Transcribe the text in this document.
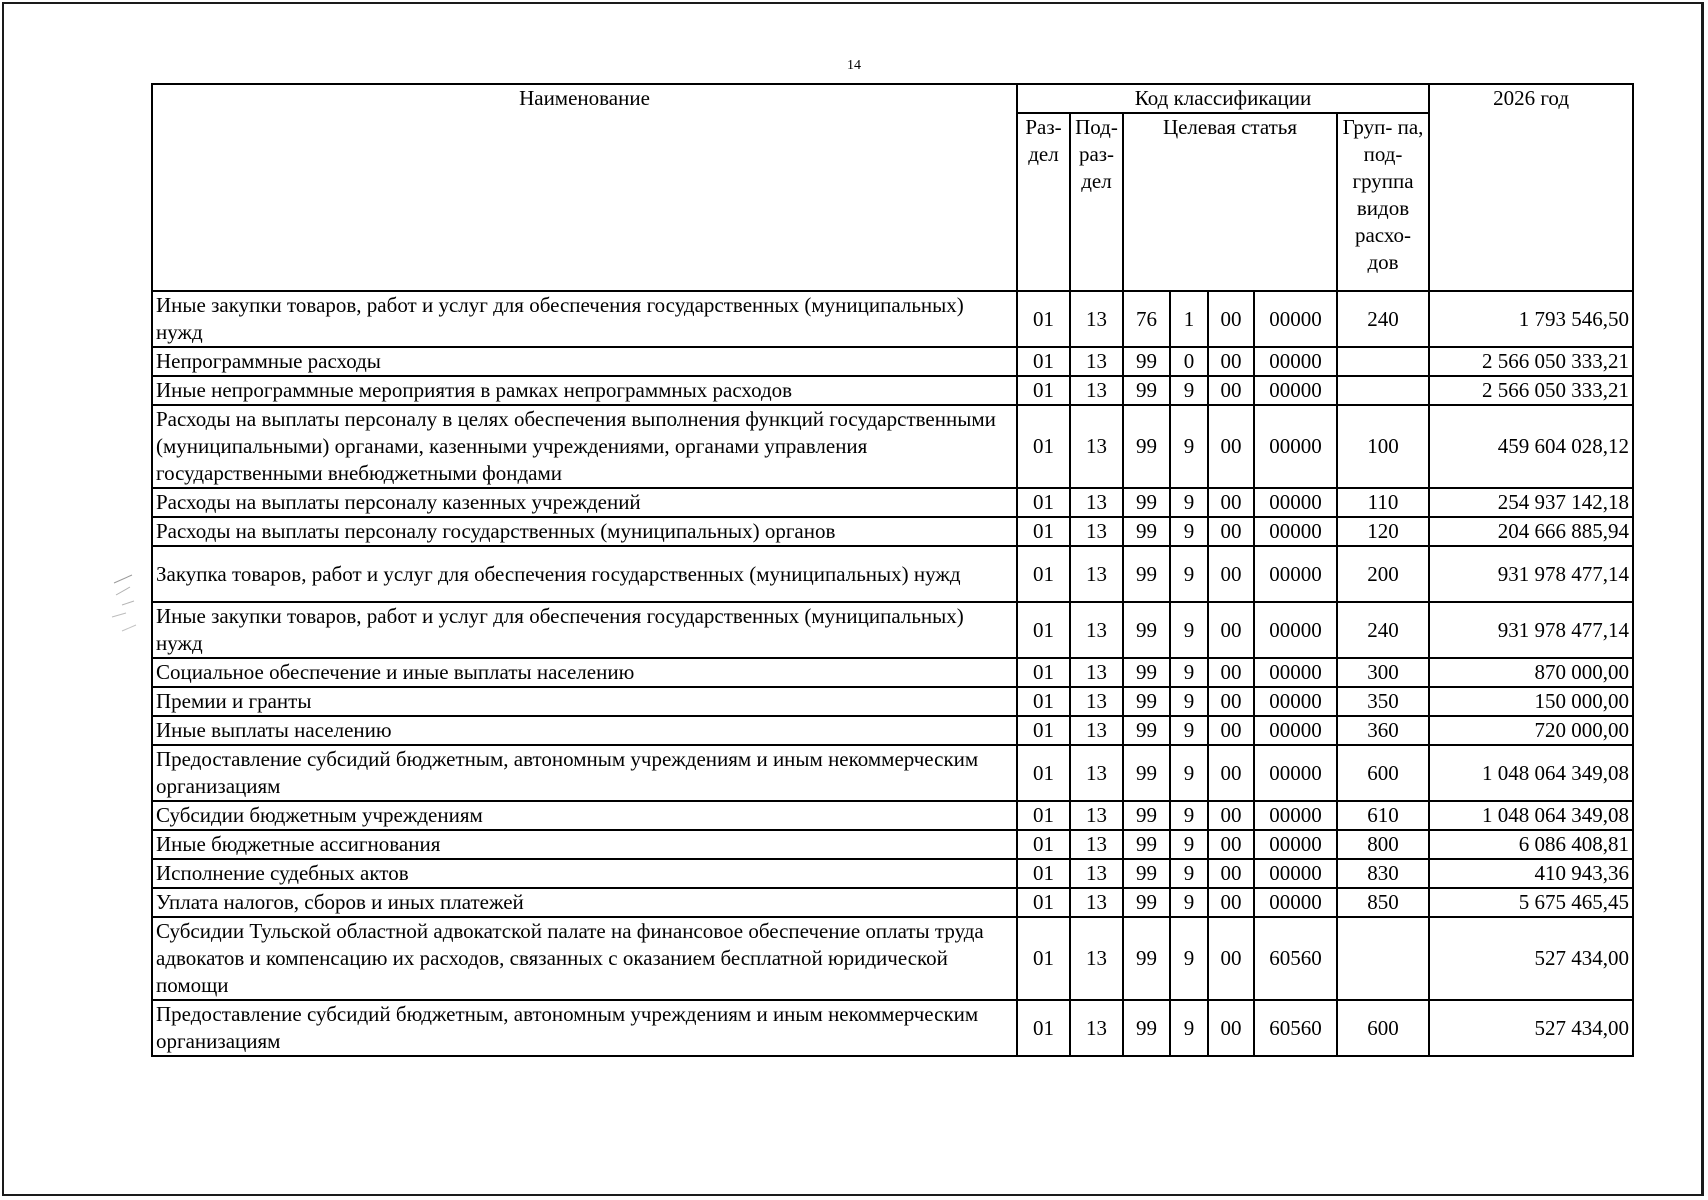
14
Наименование	Код классификации							2026 год
	Раз- дел	Под- раз- дел	Целевая статья				Груп- па, под- группа видов расхо- дов	
Иные закупки товаров, работ и услуг для обеспечения государственных (муниципальных) нужд	01	13	76	1	00	00000	240	1 793 546,50
Непрограммные расходы	01	13	99	0	00	00000		2 566 050 333,21
Иные непрограммные мероприятия в рамках непрограммных расходов	01	13	99	9	00	00000		2 566 050 333,21
Расходы на выплаты персоналу в целях обеспечения выполнения функций государственными (муниципальными) органами, казенными учреждениями, органами управления государственными внебюджетными фондами	01	13	99	9	00	00000	100	459 604 028,12
Расходы на выплаты персоналу казенных учреждений	01	13	99	9	00	00000	110	254 937 142,18
Расходы на выплаты персоналу государственных (муниципальных) органов	01	13	99	9	00	00000	120	204 666 885,94
Закупка товаров, работ и услуг для обеспечения государственных (муниципальных) нужд	01	13	99	9	00	00000	200	931 978 477,14
Иные закупки товаров, работ и услуг для обеспечения государственных (муниципальных) нужд	01	13	99	9	00	00000	240	931 978 477,14
Социальное обеспечение и иные выплаты населению	01	13	99	9	00	00000	300	870 000,00
Премии и гранты	01	13	99	9	00	00000	350	150 000,00
Иные выплаты населению	01	13	99	9	00	00000	360	720 000,00
Предоставление субсидий бюджетным, автономным учреждениям и иным некоммерческим организациям	01	13	99	9	00	00000	600	1 048 064 349,08
Субсидии бюджетным учреждениям	01	13	99	9	00	00000	610	1 048 064 349,08
Иные бюджетные ассигнования	01	13	99	9	00	00000	800	6 086 408,81
Исполнение судебных актов	01	13	99	9	00	00000	830	410 943,36
Уплата налогов, сборов и иных платежей	01	13	99	9	00	00000	850	5 675 465,45
Субсидии Тульской областной адвокатской палате на финансовое обеспечение оплаты труда адвокатов и компенсацию их расходов, связанных с оказанием бесплатной юридической помощи	01	13	99	9	00	60560		527 434,00
Предоставление субсидий бюджетным, автономным учреждениям и иным некоммерческим организациям	01	13	99	9	00	60560	600	527 434,00
